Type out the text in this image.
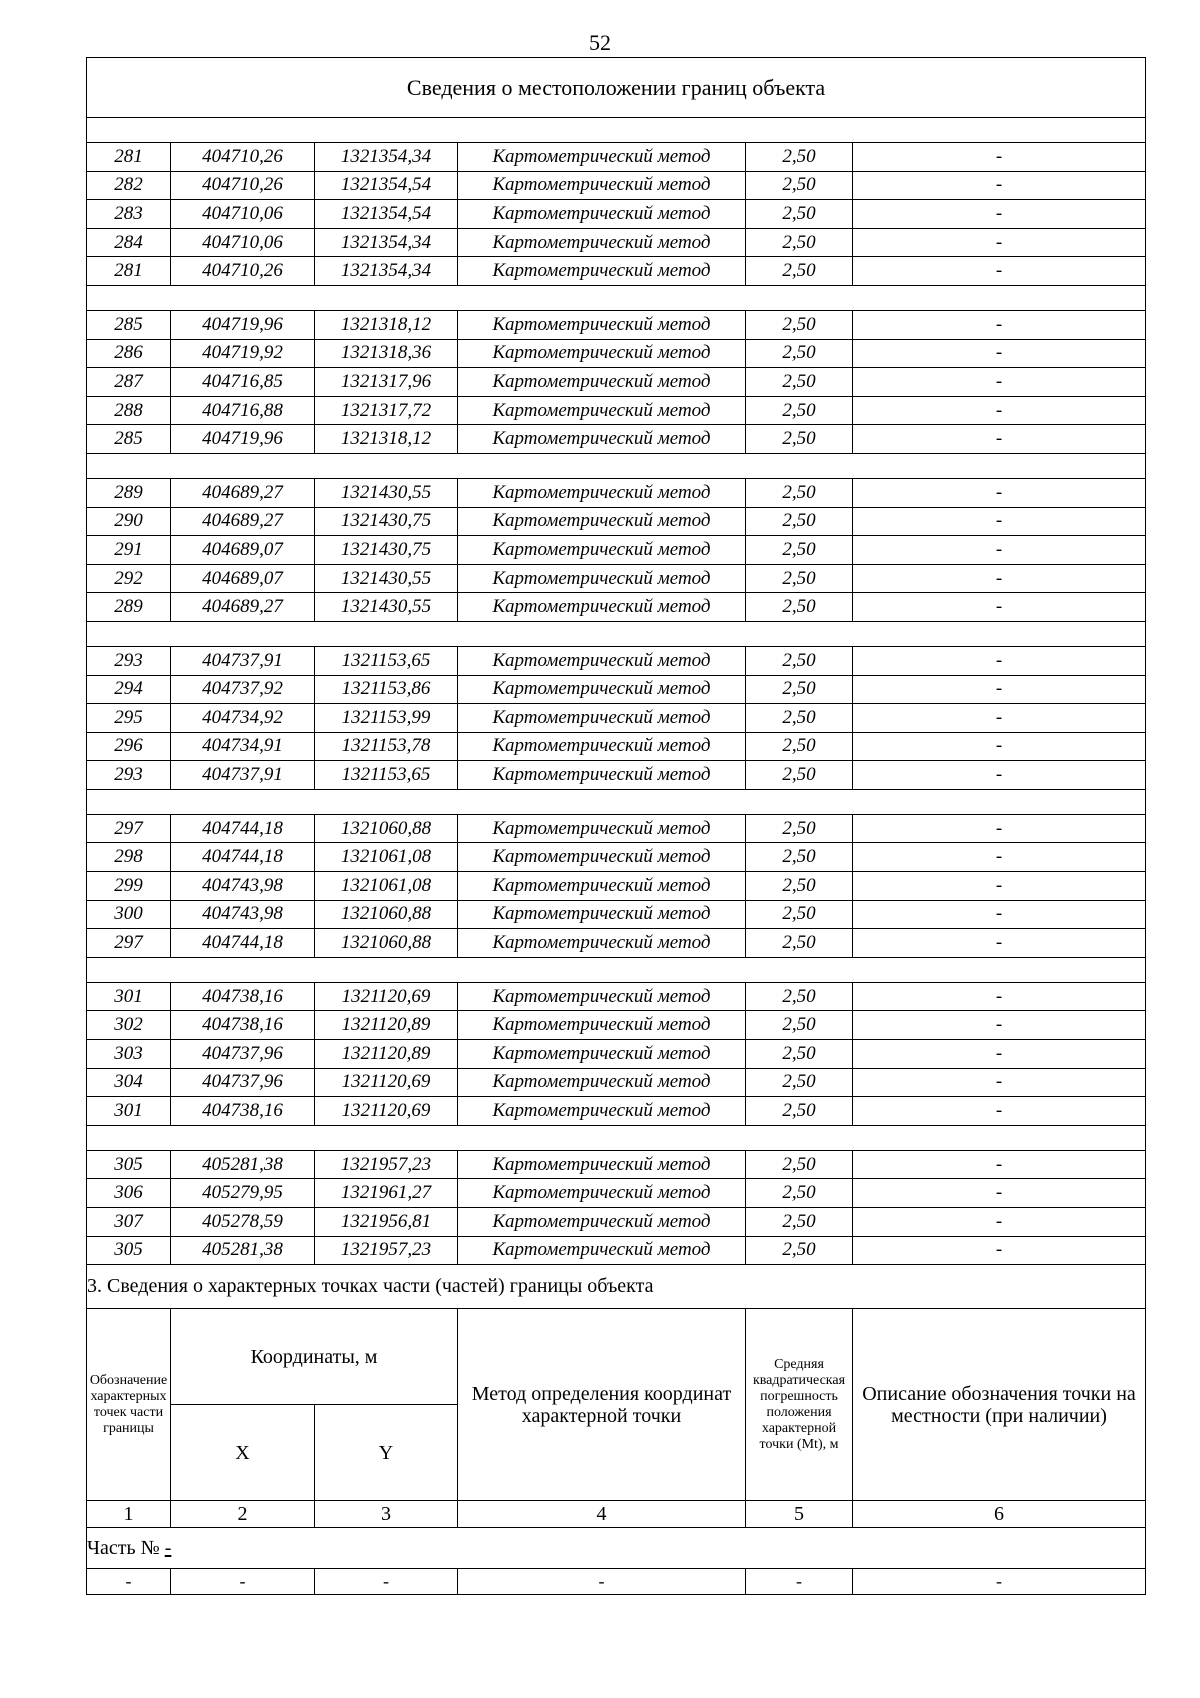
52
Сведения о местоположении границ объекта					

281	404710,26	1321354,34	Картометрический метод	2,50	-
282	404710,26	1321354,54	Картометрический метод	2,50	-
283	404710,06	1321354,54	Картометрический метод	2,50	-
284	404710,06	1321354,34	Картометрический метод	2,50	-
281	404710,26	1321354,34	Картометрический метод	2,50	-

285	404719,96	1321318,12	Картометрический метод	2,50	-
286	404719,92	1321318,36	Картометрический метод	2,50	-
287	404716,85	1321317,96	Картометрический метод	2,50	-
288	404716,88	1321317,72	Картометрический метод	2,50	-
285	404719,96	1321318,12	Картометрический метод	2,50	-

289	404689,27	1321430,55	Картометрический метод	2,50	-
290	404689,27	1321430,75	Картометрический метод	2,50	-
291	404689,07	1321430,75	Картометрический метод	2,50	-
292	404689,07	1321430,55	Картометрический метод	2,50	-
289	404689,27	1321430,55	Картометрический метод	2,50	-

293	404737,91	1321153,65	Картометрический метод	2,50	-
294	404737,92	1321153,86	Картометрический метод	2,50	-
295	404734,92	1321153,99	Картометрический метод	2,50	-
296	404734,91	1321153,78	Картометрический метод	2,50	-
293	404737,91	1321153,65	Картометрический метод	2,50	-

297	404744,18	1321060,88	Картометрический метод	2,50	-
298	404744,18	1321061,08	Картометрический метод	2,50	-
299	404743,98	1321061,08	Картометрический метод	2,50	-
300	404743,98	1321060,88	Картометрический метод	2,50	-
297	404744,18	1321060,88	Картометрический метод	2,50	-

301	404738,16	1321120,69	Картометрический метод	2,50	-
302	404738,16	1321120,89	Картометрический метод	2,50	-
303	404737,96	1321120,89	Картометрический метод	2,50	-
304	404737,96	1321120,69	Картометрический метод	2,50	-
301	404738,16	1321120,69	Картометрический метод	2,50	-

305	405281,38	1321957,23	Картометрический метод	2,50	-
306	405279,95	1321961,27	Картометрический метод	2,50	-
307	405278,59	1321956,81	Картометрический метод	2,50	-
305	405281,38	1321957,23	Картометрический метод	2,50	-
3. Сведения о характерных точках части (частей) границы объекта					
Обозначение характерных точек части границы	Координаты, м		Метод определения координат характерной точки	Средняя квадратическая погрешность положения характерной точки (Mt), м	Описание обозначения точки на местности (при наличии)
	X	Y			
1	2	3	4	5	6
Часть № -					
-	-	-	-	-	-
